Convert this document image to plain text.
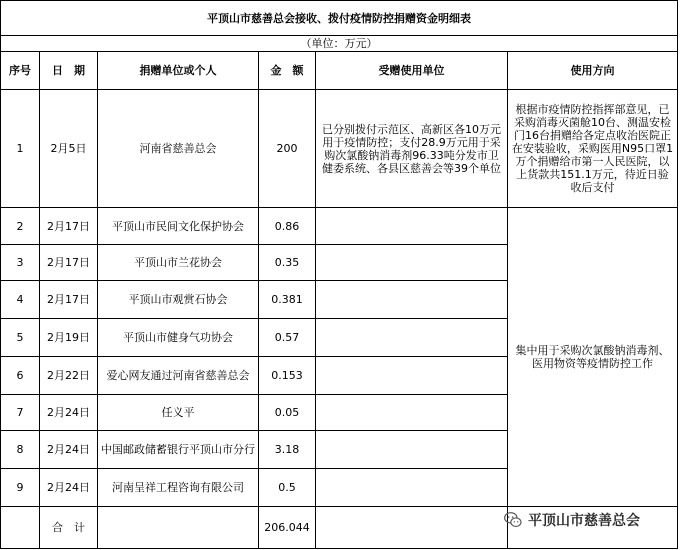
平顶山市慈善总会接收、拨付疫情防控捐赠资金明细表					
（单位：万元）					
序号	日　期	捐赠单位或个人	金　额	受赠使用单位	使用方向
1	2月5日	河南省慈善总会	200	已分别拨付示范区、高新区各10万元用于疫情防控；支付28.9万元用于采购次氯酸钠消毒剂96.33吨分发市卫健委系统、各县区慈善会等39个单位	根据市疫情防控指挥部意见，已采购消毒灭菌舱10台、测温安检门16台捐赠给各定点收治医院正在安装验收，采购医用N95口罩1万个捐赠给市第一人民医院，以上货款共151.1万元，待近日验收后支付
2	2月17日	平顶山市民间文化保护协会	0.86		集中用于采购次氯酸钠消毒剂、医用物资等疫情防控工作
3	2月17日	平顶山市兰花协会	0.35		
4	2月17日	平顶山市观赏石协会	0.381		
5	2月19日	平顶山市健身气功协会	0.57		
6	2月22日	爱心网友通过河南省慈善总会	0.153		
7	2月24日	任义平	0.05		
8	2月24日	中国邮政储蓄银行平顶山市分行	3.18		
9	2月24日	河南呈祥工程咨询有限公司	0.5		
	合　计		206.044			平顶山市慈善总会
